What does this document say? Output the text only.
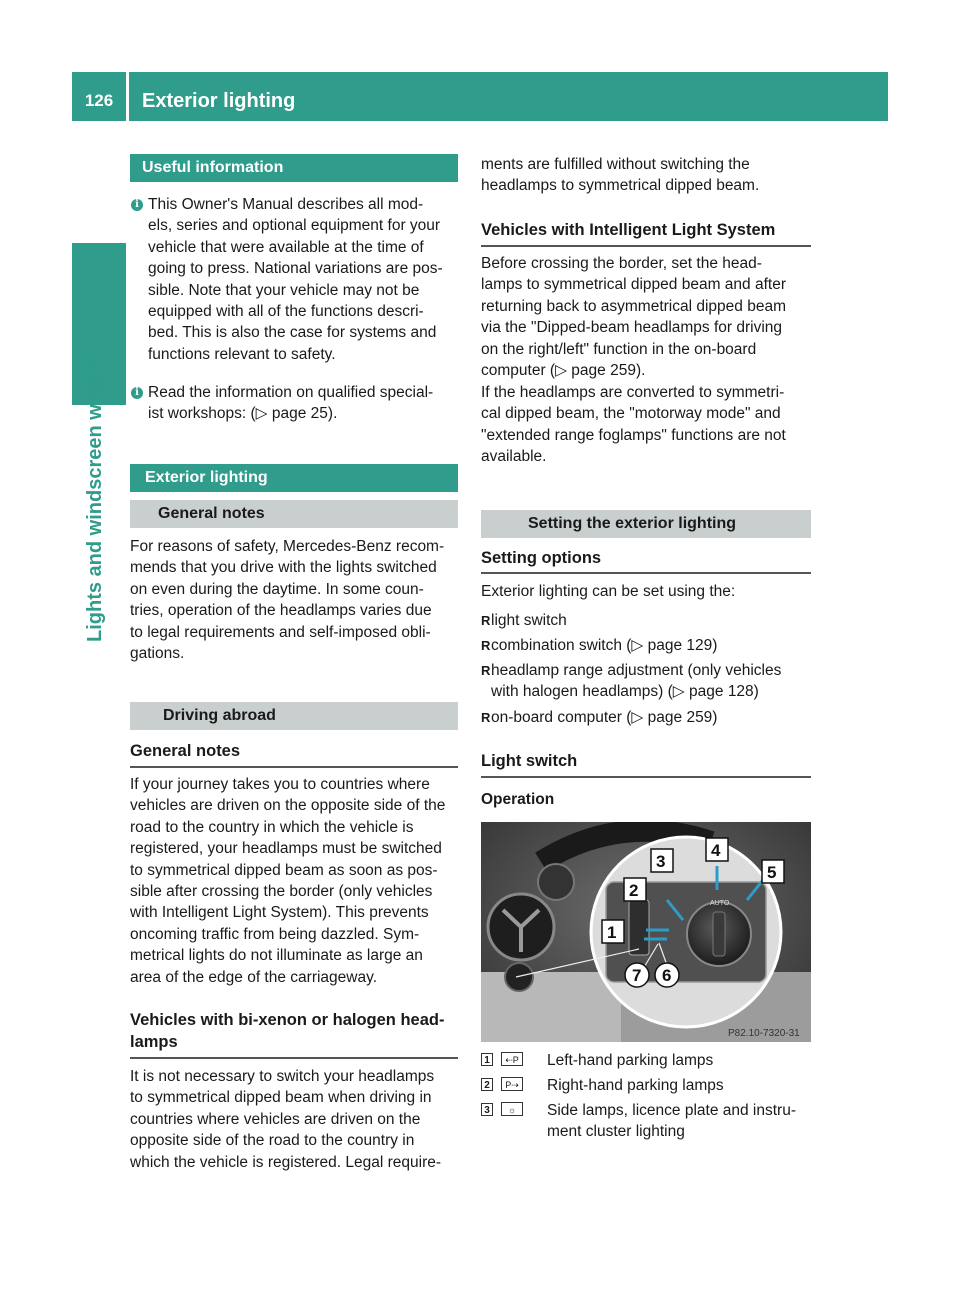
126	Exterior lighting
Lights and windscreen wipers
Useful information
i This Owner's Manual describes all mod-
els, series and optional equipment for your
vehicle that were available at the time of
going to press. National variations are pos-
sible. Note that your vehicle may not be
equipped with all of the functions descri-
bed. This is also the case for systems and
functions relevant to safety.
i Read the information on qualified special-
ist workshops: (▷ page 25).
Exterior lighting
General notes
For reasons of safety, Mercedes-Benz recom-
mends that you drive with the lights switched
on even during the daytime. In some coun-
tries, operation of the headlamps varies due
to legal requirements and self-imposed obli-
gations.
Driving abroad
General notes
If your journey takes you to countries where
vehicles are driven on the opposite side of the
road to the country in which the vehicle is
registered, your headlamps must be switched
to symmetrical dipped beam as soon as pos-
sible after crossing the border (only vehicles
with Intelligent Light System). This prevents
oncoming traffic from being dazzled. Sym-
metrical lights do not illuminate as large an
area of the edge of the carriageway.
Vehicles with bi-xenon or halogen head-
lamps
It is not necessary to switch your headlamps
to symmetrical dipped beam when driving in
countries where vehicles are driven on the
opposite side of the road to the country in
which the vehicle is registered. Legal require-
ments are fulfilled without switching the
headlamps to symmetrical dipped beam.
Vehicles with Intelligent Light System
Before crossing the border, set the head-
lamps to symmetrical dipped beam and after
returning back to asymmetrical dipped beam
via the "Dipped-beam headlamps for driving
on the right/left" function in the on-board
computer (▷ page 259).
If the headlamps are converted to symmetri-
cal dipped beam, the "motorway mode" and
"extended range foglamps" functions are not
available.
Setting the exterior lighting
Setting options
Exterior lighting can be set using the:
R light switch
R combination switch (▷ page 129)
R headlamp range adjustment (only vehicles
with halogen headlamps) (▷ page 128)
R on-board computer (▷ page 259)
Light switch
Operation
AUTO
1
2
3
4
5
6
7
P82.10-7320-31
1	⇠P Left-hand parking lamps
2	P⇢ Right-hand parking lamps
3	☼	Side lamps, licence plate and instru-
ment cluster lighting
